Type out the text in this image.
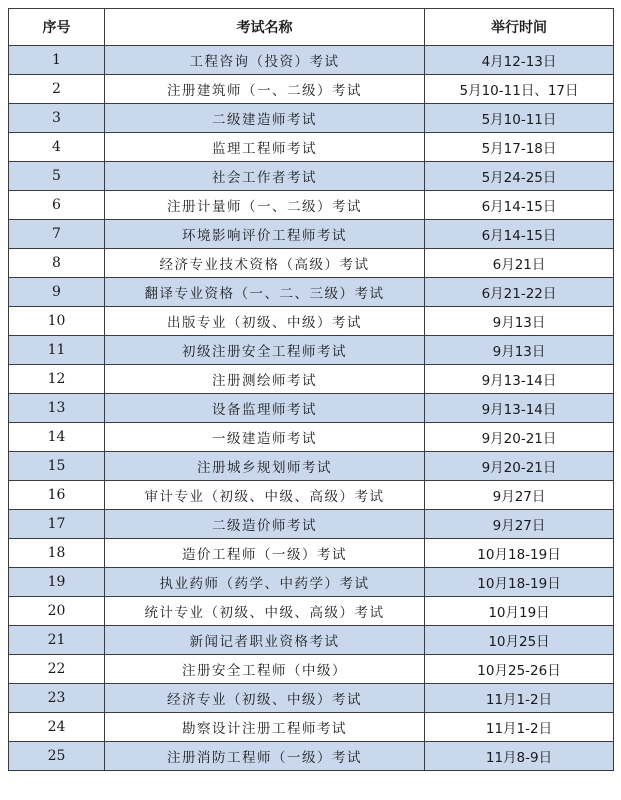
序号	考试名称	举行时间
1	工程咨询（投资）考试	4月12-13日
2	注册建筑师（一、二级）考试	5月10-11日、17日
3	二级建造师考试	5月10-11日
4	监理工程师考试	5月17-18日
5	社会工作者考试	5月24-25日
6	注册计量师（一、二级）考试	6月14-15日
7	环境影响评价工程师考试	6月14-15日
8	经济专业技术资格（高级）考试	6月21日
9	翻译专业资格（一、二、三级）考试	6月21-22日
10	出版专业（初级、中级）考试	9月13日
11	初级注册安全工程师考试	9月13日
12	注册测绘师考试	9月13-14日
13	设备监理师考试	9月13-14日
14	一级建造师考试	9月20-21日
15	注册城乡规划师考试	9月20-21日
16	审计专业（初级、中级、高级）考试	9月27日
17	二级造价师考试	9月27日
18	造价工程师（一级）考试	10月18-19日
19	执业药师（药学、中药学）考试	10月18-19日
20	统计专业（初级、中级、高级）考试	10月19日
21	新闻记者职业资格考试	10月25日
22	注册安全工程师（中级）	10月25-26日
23	经济专业（初级、中级）考试	11月1-2日
24	勘察设计注册工程师考试	11月1-2日
25	注册消防工程师（一级）考试	11月8-9日
